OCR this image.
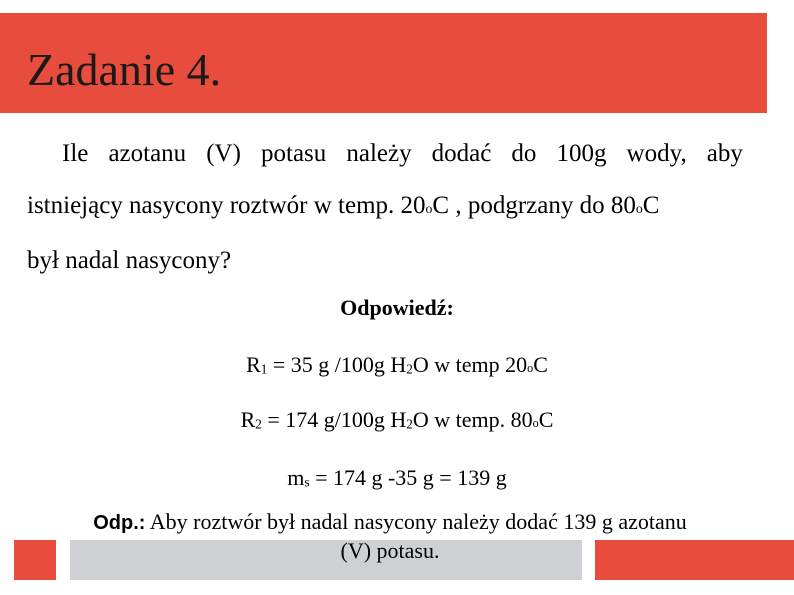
Zadanie 4.
Ile azotanu (V) potasu należy dodać do 100g wody, aby
istniejący nasycony roztwór w temp. 20oC , podgrzany do 80oC
był nadal nasycony?
Odpowiedź:
R1 = 35 g /100g H2O w temp 20oC
R2 = 174 g/100g H2O w temp. 80oC
ms = 174 g -35 g = 139 g
Odp.: Aby roztwór był nadal nasycony należy dodać 139 g azotanu
(V) potasu.
